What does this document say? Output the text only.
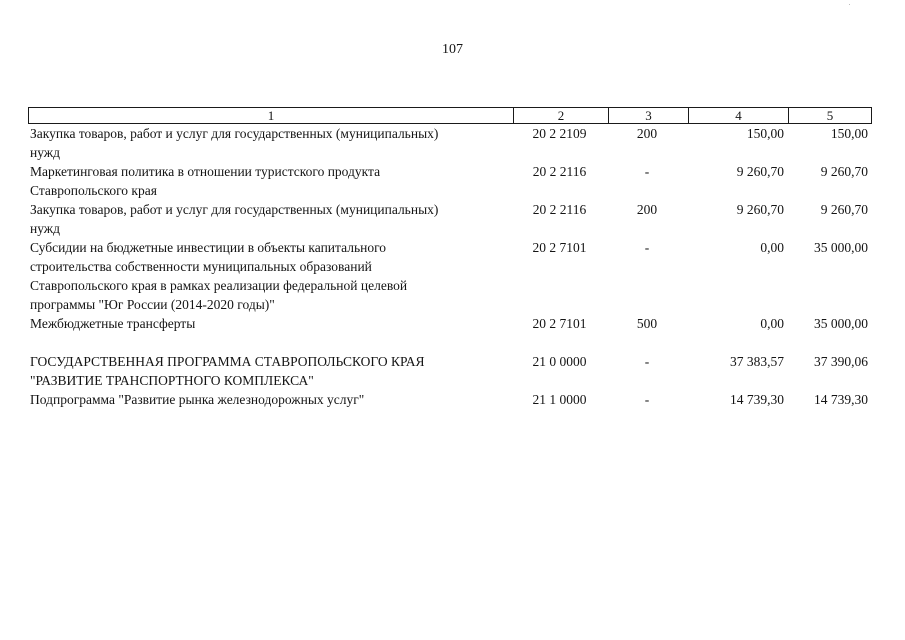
107
1	2	3	4	5
Закупка товаров, работ и услуг для государственных (муниципальных)
нужд
20 2 2109	200	150,00	150,00
Маркетинговая политика в отношении туристского продукта
Ставропольского края
20 2 2116	-	9 260,70	9 260,70
Закупка товаров, работ и услуг для государственных (муниципальных)
нужд
20 2 2116	200	9 260,70	9 260,70
Субсидии на бюджетные инвестиции в объекты капитального
строительства собственности муниципальных образований
Ставропольского края в рамках реализации федеральной целевой
программы "Юг России (2014-2020 годы)"
20 2 7101	-	0,00	35 000,00
Межбюджетные трансферты	20 2 7101	500	0,00	35 000,00
ГОСУДАРСТВЕННАЯ ПРОГРАММА СТАВРОПОЛЬСКОГО КРАЯ
"РАЗВИТИЕ ТРАНСПОРТНОГО КОМПЛЕКСА"
21 0 0000	-	37 383,57	37 390,06
Подпрограмма "Развитие рынка железнодорожных услуг"	21 1 0000	-	14 739,30	14 739,30
